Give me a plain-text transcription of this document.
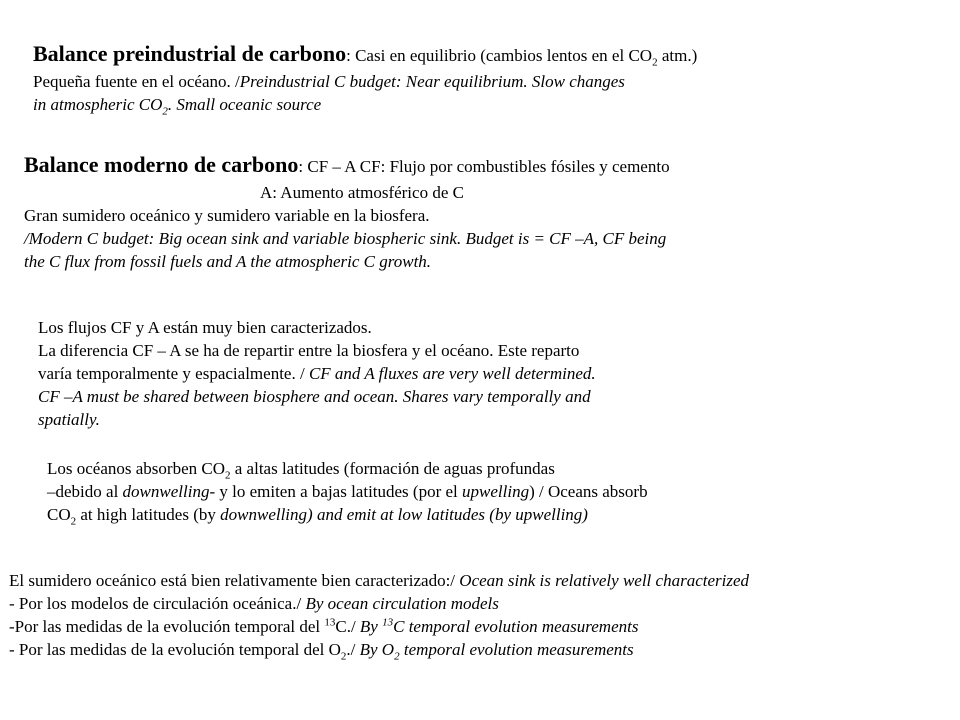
Balance preindustrial de carbono: Casi en equilibrio (cambios lentos en el $CO_2$ atm.)
Pequeña fuente en el océano. /Preindustrial C budget: Near equilibrium. Slow changes
in atmospheric $CO_2$. Small oceanic source
Balance moderno de carbono: CF – A CF: Flujo por combustibles fósiles y cemento
A: Aumento atmosférico de C
Gran sumidero oceánico y sumidero variable en la biosfera.
/Modern C budget: Big ocean sink and variable biospheric sink. Budget is = CF –A, CF being
the C flux from fossil fuels and A the atmospheric C growth.
Los flujos CF y A están muy bien caracterizados.
La diferencia CF – A se ha de repartir entre la biosfera y el océano. Este reparto
varía temporalmente y espacialmente. / CF and A fluxes are very well determined.
CF –A must be shared between biosphere and ocean. Shares vary temporally and
spatially.
Los océanos absorben $CO_2$ a altas latitudes (formación de aguas profundas
–debido al downwelling- y lo emiten a bajas latitudes (por el upwelling) / Oceans absorb
$CO_2$ at high latitudes (by downwelling) and emit at low latitudes (by upwelling)
El sumidero oceánico está bien relativamente bien caracterizado:/ Ocean sink is relatively well characterized
- Por los modelos de circulación oceánica./ By ocean circulation models
-Por las medidas de la evolución temporal del $^{13}$C./ By $^{13}$C temporal evolution measurements
- Por las medidas de la evolución temporal del $O_2./$ By $O_2$ temporal evolution measurements
